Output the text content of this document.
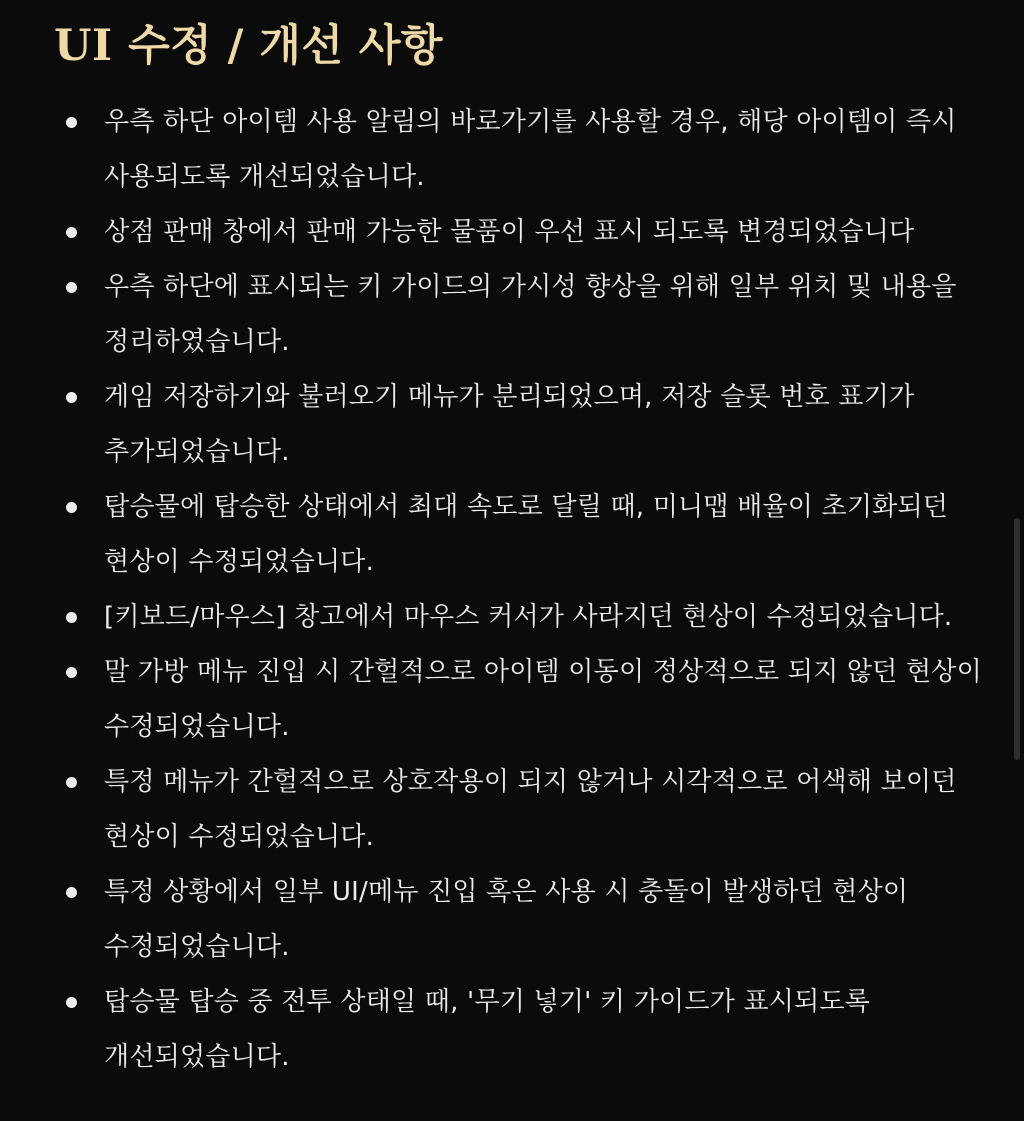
UI 수정 / 개선 사항
우측 하단 아이템 사용 알림의 바로가기를 사용할 경우, 해당 아이템이 즉시
사용되도록 개선되었습니다.
상점 판매 창에서 판매 가능한 물품이 우선 표시 되도록 변경되었습니다
우측 하단에 표시되는 키 가이드의 가시성 향상을 위해 일부 위치 및 내용을
정리하였습니다.
게임 저장하기와 불러오기 메뉴가 분리되었으며, 저장 슬롯 번호 표기가
추가되었습니다.
탑승물에 탑승한 상태에서 최대 속도로 달릴 때, 미니맵 배율이 초기화되던
현상이 수정되었습니다.
[키보드/마우스] 창고에서 마우스 커서가 사라지던 현상이 수정되었습니다.
말 가방 메뉴 진입 시 간헐적으로 아이템 이동이 정상적으로 되지 않던 현상이
수정되었습니다.
특정 메뉴가 간헐적으로 상호작용이 되지 않거나 시각적으로 어색해 보이던
현상이 수정되었습니다.
특정 상황에서 일부 UI/메뉴 진입 혹은 사용 시 충돌이 발생하던 현상이
수정되었습니다.
탑승물 탑승 중 전투 상태일 때, '무기 넣기' 키 가이드가 표시되도록
개선되었습니다.
